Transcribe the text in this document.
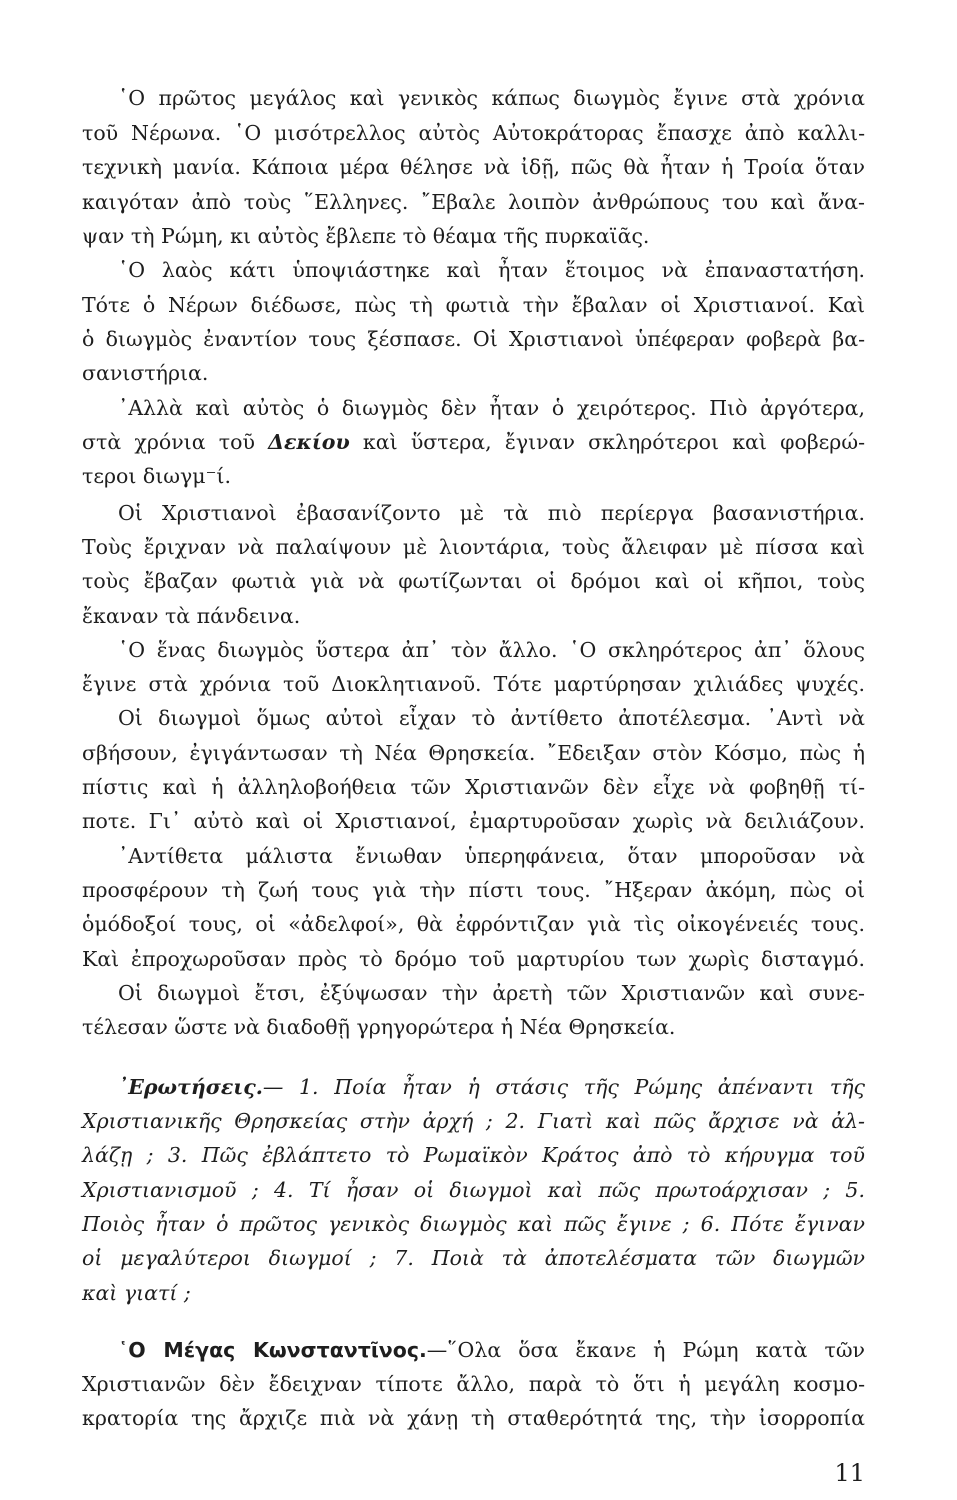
῾Ο πρῶτος μεγάλος καὶ γενικὸς κάπως διωγμὸς ἔγινε στὰ χρόνια
τοῦ Νέρωνα. ῾Ο μισότρελλος αὐτὸς Αὐτοκράτορας ἔπασχε ἀπὸ καλλι-
τεχνικὴ μανία. Κάποια μέρα θέλησε νὰ ἰδῇ, πῶς θὰ ἦταν ἡ Τροία ὅταν
καιγόταν ἀπὸ τοὺς ῞Ελληνες. ῎Εβαλε λοιπὸν ἀνθρώπους του καὶ ἄνα-
ψαν τὴ Ρώμη, κι αὐτὸς ἔβλεπε τὸ θέαμα τῆς πυρκαϊᾶς.
῾Ο λαὸς κάτι ὑποψιάστηκε καὶ ἦταν ἕτοιμος νὰ ἐπαναστατήση.
Τότε ὁ Νέρων διέδωσε, πὼς τὴ φωτιὰ τὴν ἔβαλαν οἱ Χριστιανοί. Καὶ
ὁ διωγμὸς ἐναντίον τους ξέσπασε. Οἱ Χριστιανοὶ ὑπέφεραν φοβερὰ βα-
σανιστήρια.
᾿Αλλὰ καὶ αὐτὸς ὁ διωγμὸς δὲν ἦταν ὁ χειρότερος. Πιὸ ἀργότερα,
στὰ χρόνια τοῦ Δεκίου καὶ ὕστερα, ἔγιναν σκληρότεροι καὶ φοβερώ-
τεροι διωγμ⁻ί.
Οἱ Χριστιανοὶ ἐβασανίζοντο μὲ τὰ πιὸ περίεργα βασανιστήρια.
Τοὺς ἔριχναν νὰ παλαίψουν μὲ λιοντάρια, τοὺς ἄλειφαν μὲ πίσσα καὶ
τοὺς ἔβαζαν φωτιὰ γιὰ νὰ φωτίζωνται οἱ δρόμοι καὶ οἱ κῆποι, τοὺς
ἔκαναν τὰ πάνδεινα.
῾Ο ἕνας διωγμὸς ὕστερα ἀπ᾿ τὸν ἄλλο. ῾Ο σκληρότερος ἀπ᾿ ὅλους
ἔγινε στὰ χρόνια τοῦ Διοκλητιανοῦ. Τότε μαρτύρησαν χιλιάδες ψυχές.
Οἱ διωγμοὶ ὅμως αὐτοὶ εἶχαν τὸ ἀντίθετο ἀποτέλεσμα. ᾿Αντὶ νὰ
σβήσουν, ἐγιγάντωσαν τὴ Νέα Θρησκεία. ῎Εδειξαν στὸν Κόσμο, πὼς ἡ
πίστις καὶ ἡ ἀλληλοβοήθεια τῶν Χριστιανῶν δὲν εἶχε νὰ φοβηθῇ τί-
ποτε. Γι᾿ αὐτὸ καὶ οἱ Χριστιανοί, ἐμαρτυροῦσαν χωρὶς νὰ δειλιάζουν.
᾿Αντίθετα μάλιστα ἔνιωθαν ὑπερηφάνεια, ὅταν μποροῦσαν νὰ
προσφέρουν τὴ ζωή τους γιὰ τὴν πίστι τους. ῎Ηξεραν ἀκόμη, πὼς οἱ
ὁμόδοξοί τους, οἱ «ἀδελφοί», θὰ ἐφρόντιζαν γιὰ τὶς οἰκογένειές τους.
Καὶ ἐπροχωροῦσαν πρὸς τὸ δρόμο τοῦ μαρτυρίου των χωρὶς δισταγμό.
Οἱ διωγμοὶ ἔτσι, ἐξύψωσαν τὴν ἀρετὴ τῶν Χριστιανῶν καὶ συνε-
τέλεσαν ὥστε νὰ διαδοθῇ γρηγορώτερα ἡ Νέα Θρησκεία.
᾿Ερωτήσεις.— 1. Ποία ἦταν ἡ στάσις τῆς Ρώμης ἀπέναντι τῆς
Χριστιανικῆς Θρησκείας στὴν ἀρχή ; 2. Γιατὶ καὶ πῶς ἄρχισε νὰ ἀλ-
λάζῃ ; 3. Πῶς ἐβλάπτετο τὸ Ρωμαϊκὸν Κράτος ἀπὸ τὸ κήρυγμα τοῦ
Χριστιανισμοῦ ; 4. Τί ἦσαν οἱ διωγμοὶ καὶ πῶς πρωτοάρχισαν ; 5.
Ποιὸς ἦταν ὁ πρῶτος γενικὸς διωγμὸς καὶ πῶς ἔγινε ; 6. Πότε ἔγιναν
οἱ μεγαλύτεροι διωγμοί ; 7. Ποιὰ τὰ ἀποτελέσματα τῶν διωγμῶν
καὶ γιατί ;
῾Ο Μέγας Κωνσταντῖνος.—῞Ολα ὅσα ἔκανε ἡ Ρώμη κατὰ τῶν
Χριστιανῶν δὲν ἔδειχναν τίποτε ἄλλο, παρὰ τὸ ὅτι ἡ μεγάλη κοσμο-
κρατορία της ἄρχιζε πιὰ νὰ χάνῃ τὴ σταθερότητά της, τὴν ἰσορροπία
11
